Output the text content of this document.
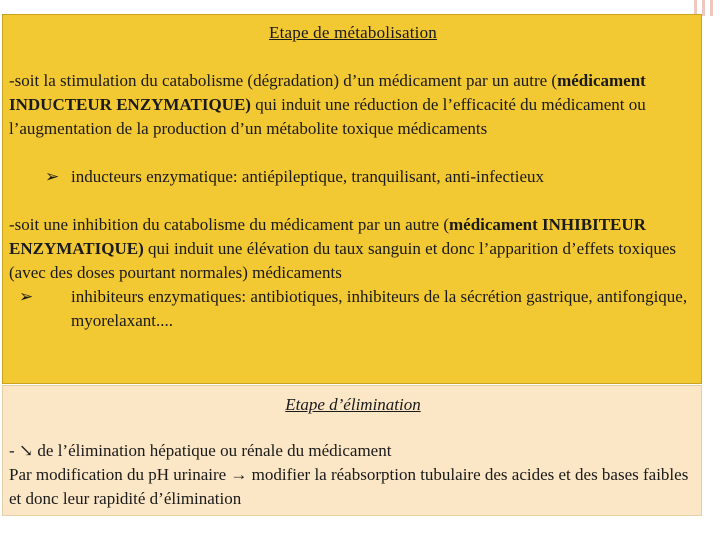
Etape de métabolisation
-soit la stimulation du catabolisme (dégradation) d’un médicament par un autre (médicament INDUCTEUR ENZYMATIQUE) qui induit une réduction de l’efficacité du médicament ou l’augmentation de la production d’un métabolite toxique médicaments
➢ inducteurs enzymatique: antiépileptique, tranquilisant, anti-infectieux
-soit une inhibition du catabolisme du médicament par un autre (médicament INHIBITEUR ENZYMATIQUE) qui induit une élévation du taux sanguin et donc l’apparition d’effets toxiques (avec des doses pourtant normales) médicaments
➢ inhibiteurs enzymatiques: antibiotiques, inhibiteurs de la sécrétion gastrique, antifongique, myorelaxant....
Etape d’élimination
- ↘ de l’élimination hépatique ou rénale du médicament
Par modification du pH urinaire → modifier la réabsorption tubulaire des acides et des bases faibles et donc leur rapidité d’élimination
